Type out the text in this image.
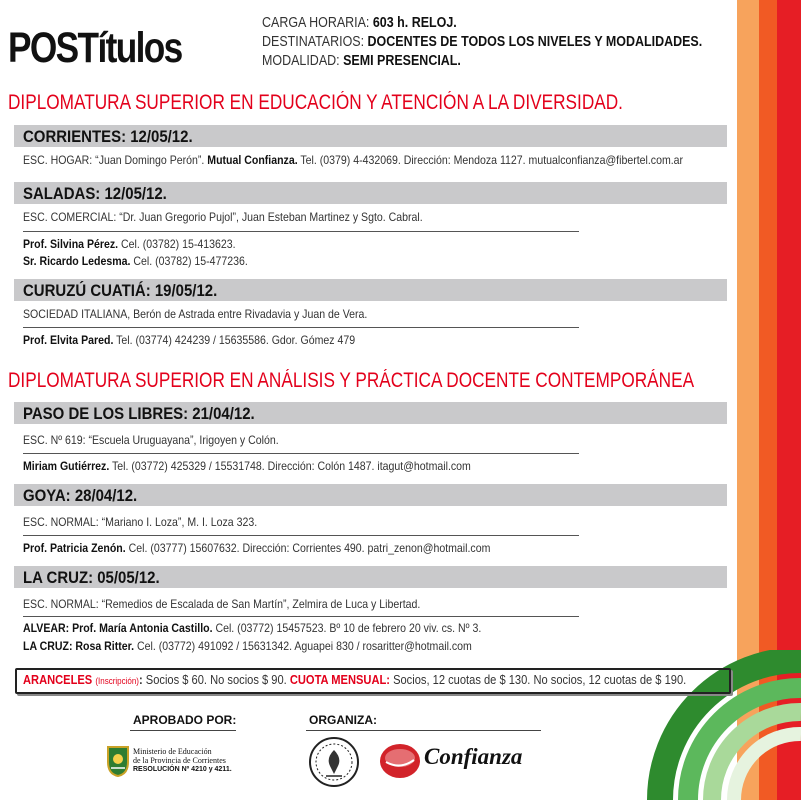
POSTítulos
CARGA HORARIA: 603 h. RELOJ.
DESTINATARIOS: DOCENTES DE TODOS LOS NIVELES Y MODALIDADES.
MODALIDAD: SEMI PRESENCIAL.
DIPLOMATURA SUPERIOR EN EDUCACIÓN Y ATENCIÓN A LA DIVERSIDAD.
CORRIENTES: 12/05/12.
ESC. HOGAR: “Juan Domingo Perón”. Mutual Confianza. Tel. (0379) 4-432069. Dirección: Mendoza 1127. mutualconfianza@fibertel.com.ar
SALADAS: 12/05/12.
ESC. COMERCIAL: “Dr. Juan Gregorio Pujol”, Juan Esteban Martinez y Sgto. Cabral.
Prof. Silvina Pérez. Cel. (03782) 15-413623.
Sr. Ricardo Ledesma. Cel. (03782) 15-477236.
CURUZÚ CUATIÁ: 19/05/12.
SOCIEDAD ITALIANA, Berón de Astrada entre Rivadavia y Juan de Vera.
Prof. Elvita Pared. Tel. (03774) 424239 / 15635586. Gdor. Gómez 479
DIPLOMATURA SUPERIOR EN ANÁLISIS Y PRÁCTICA DOCENTE CONTEMPORÁNEA
PASO DE LOS LIBRES: 21/04/12.
ESC. Nº 619: “Escuela Uruguayana”, Irigoyen y Colón.
Miriam Gutiérrez. Tel. (03772) 425329 / 15531748. Dirección: Colón 1487. itagut@hotmail.com
GOYA: 28/04/12.
ESC. NORMAL: “Mariano I. Loza”, M. I. Loza 323.
Prof. Patricia Zenón. Cel. (03777) 15607632. Dirección: Corrientes 490. patri_zenon@hotmail.com
LA CRUZ: 05/05/12.
ESC. NORMAL: “Remedios de Escalada de San Martín”, Zelmira de Luca y Libertad.
ALVEAR: Prof. María Antonia Castillo. Cel. (03772) 15457523. Bº 10 de febrero 20 viv. cs. Nº 3.
LA CRUZ: Rosa Ritter. Cel. (03772) 491092 / 15631342. Aguapei 830 / rosaritter@hotmail.com
ARANCELES (Inscripción): Socios $ 60. No socios $ 90. CUOTA MENSUAL: Socios, 12 cuotas de $ 130. No socios, 12 cuotas de $ 190.
APROBADO POR:	ORGANIZA:
Ministerio de Educación
de la Provincia de Corrientes
RESOLUCIÓN Nº 4210 y 4211.
Confianza
